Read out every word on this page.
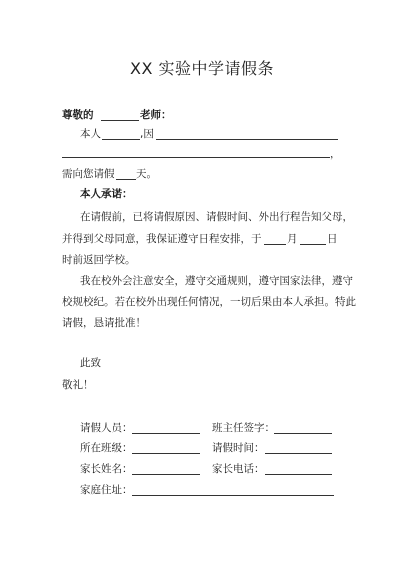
XX 实验中学请假条
尊敬的	老师：
本人	,因
，
需向您请假 天。
本人承诺：
在请假前，已将请假原因、请假时间、外出行程告知父母，
并得到父母同意，我保证遵守日程安排，于 月	日
时前返回学校。
我在校外会注意安全，遵守交通规则，遵守国家法律，遵守
校规校纪。若在校外出现任何情况，一切后果由本人承担。特此
请假，恳请批准！
此致
敬礼！
请假人员：	班主任签字：
所在班级：	请假时间：
家长姓名：	家长电话：
家庭住址：
